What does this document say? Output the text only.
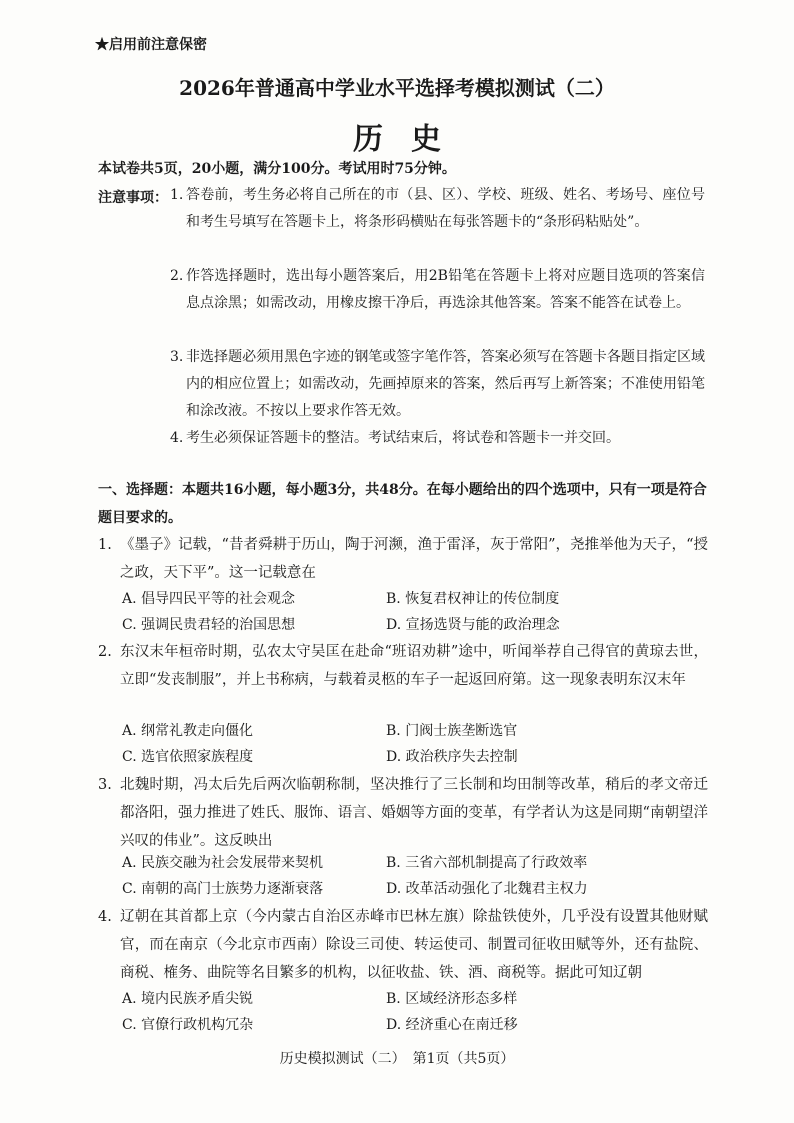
★启用前注意保密
2026年普通高中学业水平选择考模拟测试（二）
历史
本试卷共5页，20小题，满分100分。考试用时75分钟。
注意事项： 1. 答卷前，考生务必将自己所在的市（县、区）、学校、班级、姓名、考场号、座位号和考生号填写在答题卡上，将条形码横贴在每张答题卡的“条形码粘贴处”。
2. 作答选择题时，选出每小题答案后，用2B铅笔在答题卡上将对应题目选项的答案信息点涂黑；如需改动，用橡皮擦干净后，再选涂其他答案。答案不能答在试卷上。
3. 非选择题必须用黑色字迹的钢笔或签字笔作答，答案必须写在答题卡各题目指定区域内的相应位置上；如需改动，先画掉原来的答案，然后再写上新答案；不准使用铅笔和涂改液。不按以上要求作答无效。
4. 考生必须保证答题卡的整洁。考试结束后，将试卷和答题卡一并交回。
一、选择题：本题共16小题，每小题3分，共48分。在每小题给出的四个选项中，只有一项是符合题目要求的。
1. 《墨子》记载，“昔者舜耕于历山，陶于河濒，渔于雷泽，灰于常阳”，尧推举他为天子，“授之政，天下平”。这一记载意在
A. 倡导四民平等的社会观念	B. 恢复君权神让的传位制度
C. 强调民贵君轻的治国思想	D. 宣扬选贤与能的政治理念
2. 东汉末年桓帝时期，弘农太守吴匡在赴命“班诏劝耕”途中，听闻举荐自己得官的黄琼去世，立即“发丧制服”，并上书称病，与载着灵柩的车子一起返回府第。这一现象表明东汉末年
A. 纲常礼教走向僵化	B. 门阀士族垄断选官
C. 选官依照家族程度	D. 政治秩序失去控制
3. 北魏时期，冯太后先后两次临朝称制，坚决推行了三长制和均田制等改革，稍后的孝文帝迁都洛阳，强力推进了姓氏、服饰、语言、婚姻等方面的变革，有学者认为这是同期“南朝望洋兴叹的伟业”。这反映出
A. 民族交融为社会发展带来契机	B. 三省六部机制提高了行政效率
C. 南朝的高门士族势力逐渐衰落	D. 改革活动强化了北魏君主权力
4. 辽朝在其首都上京（今内蒙古自治区赤峰市巴林左旗）除盐铁使外，几乎没有设置其他财赋官，而在南京（今北京市西南）除设三司使、转运使司、制置司征收田赋等外，还有盐院、商税、榷务、曲院等名目繁多的机构，以征收盐、铁、酒、商税等。据此可知辽朝
A. 境内民族矛盾尖锐	B. 区域经济形态多样
C. 官僚行政机构冗杂	D. 经济重心在南迁移
历史模拟测试（二）　第1页（共5页）
